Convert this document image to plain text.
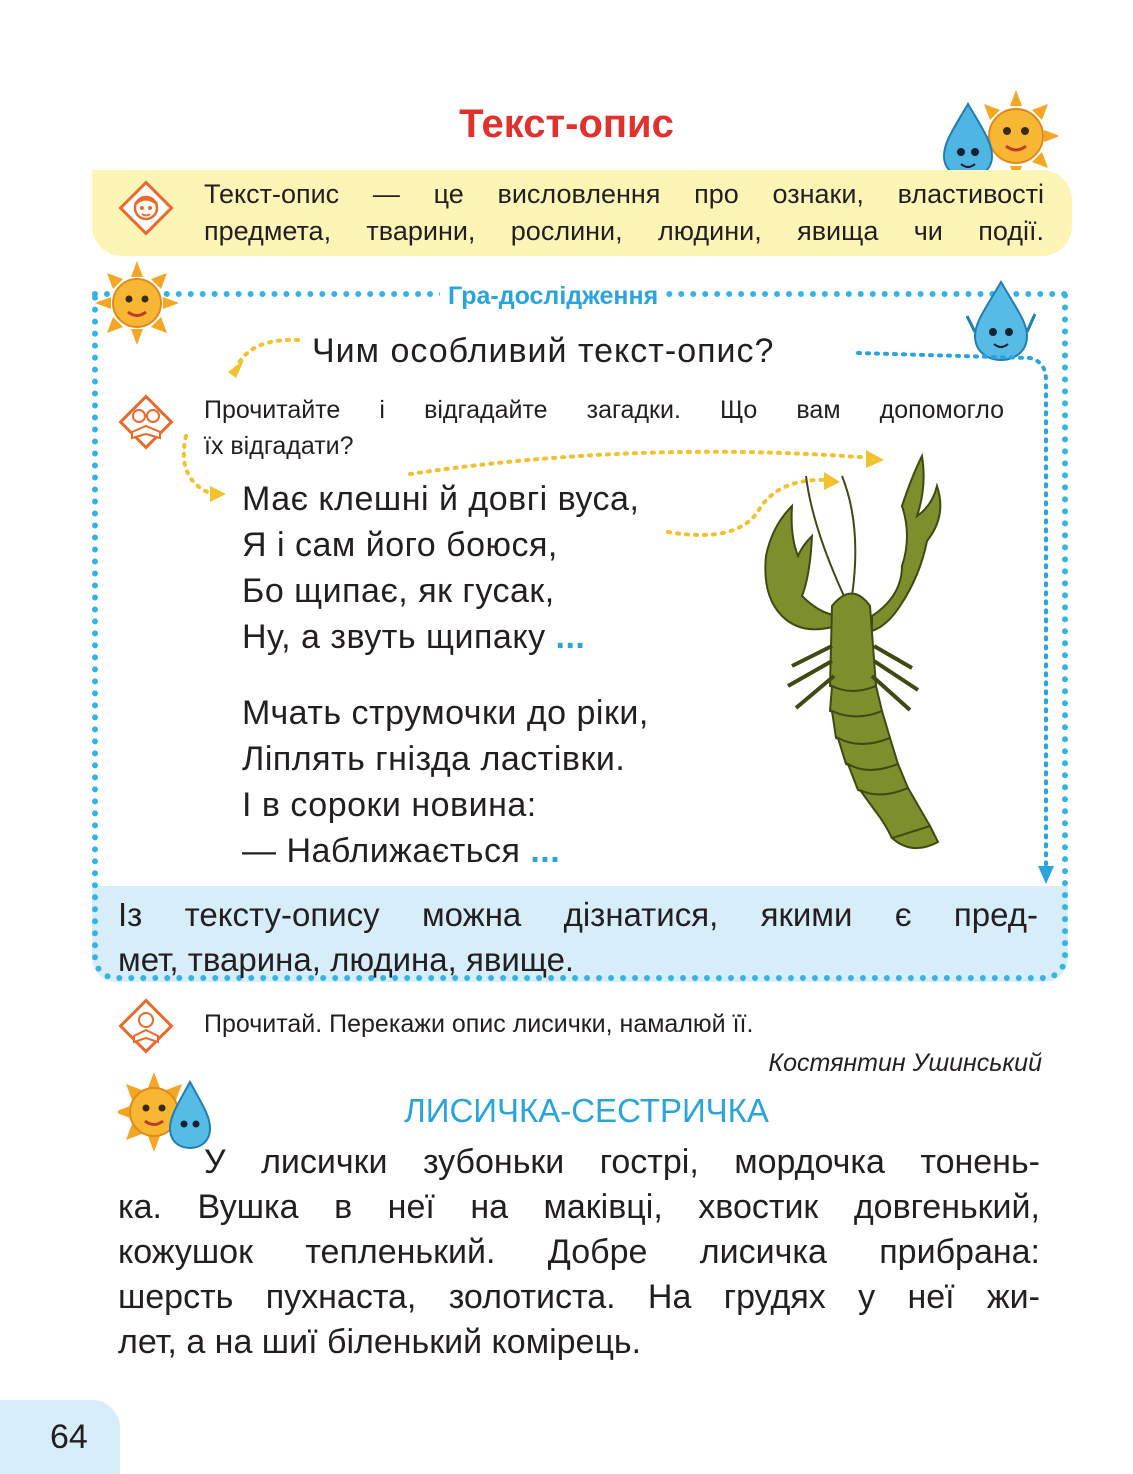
Текст-опис
Текст-опис — це висловлення про ознаки, властивості
предмета, тварини, рослини, людини, явища чи події.
Гра-дослідження
Чим особливий текст-опис?
Прочитайте і відгадайте загадки. Що вам допомогло
їх відгадати?
Має клешні й довгі вуса,
Я і сам його боюся,
Бо щипає, як гусак,
Ну, а звуть щипаку ...
Мчать струмочки до ріки,
Ліплять гнізда ластівки.
І в сороки новина:
— Наближається ...
Із тексту-опису можна дізнатися, якими є пред-
мет, тварина, людина, явище.
Прочитай. Перекажи опис лисички, намалюй її.
Костянтин Ушинський
ЛИСИЧКА-СЕСТРИЧКА

У лисички зубоньки гострі, мордочка тонень-

ка. Вушка в неї на маківці, хвостик довгенький,

кожушок тепленький. Добре лисичка прибрана:

шерсть пухнаста, золотиста. На грудях у неї жи-

лет, а на шиї біленький комірець.

64
